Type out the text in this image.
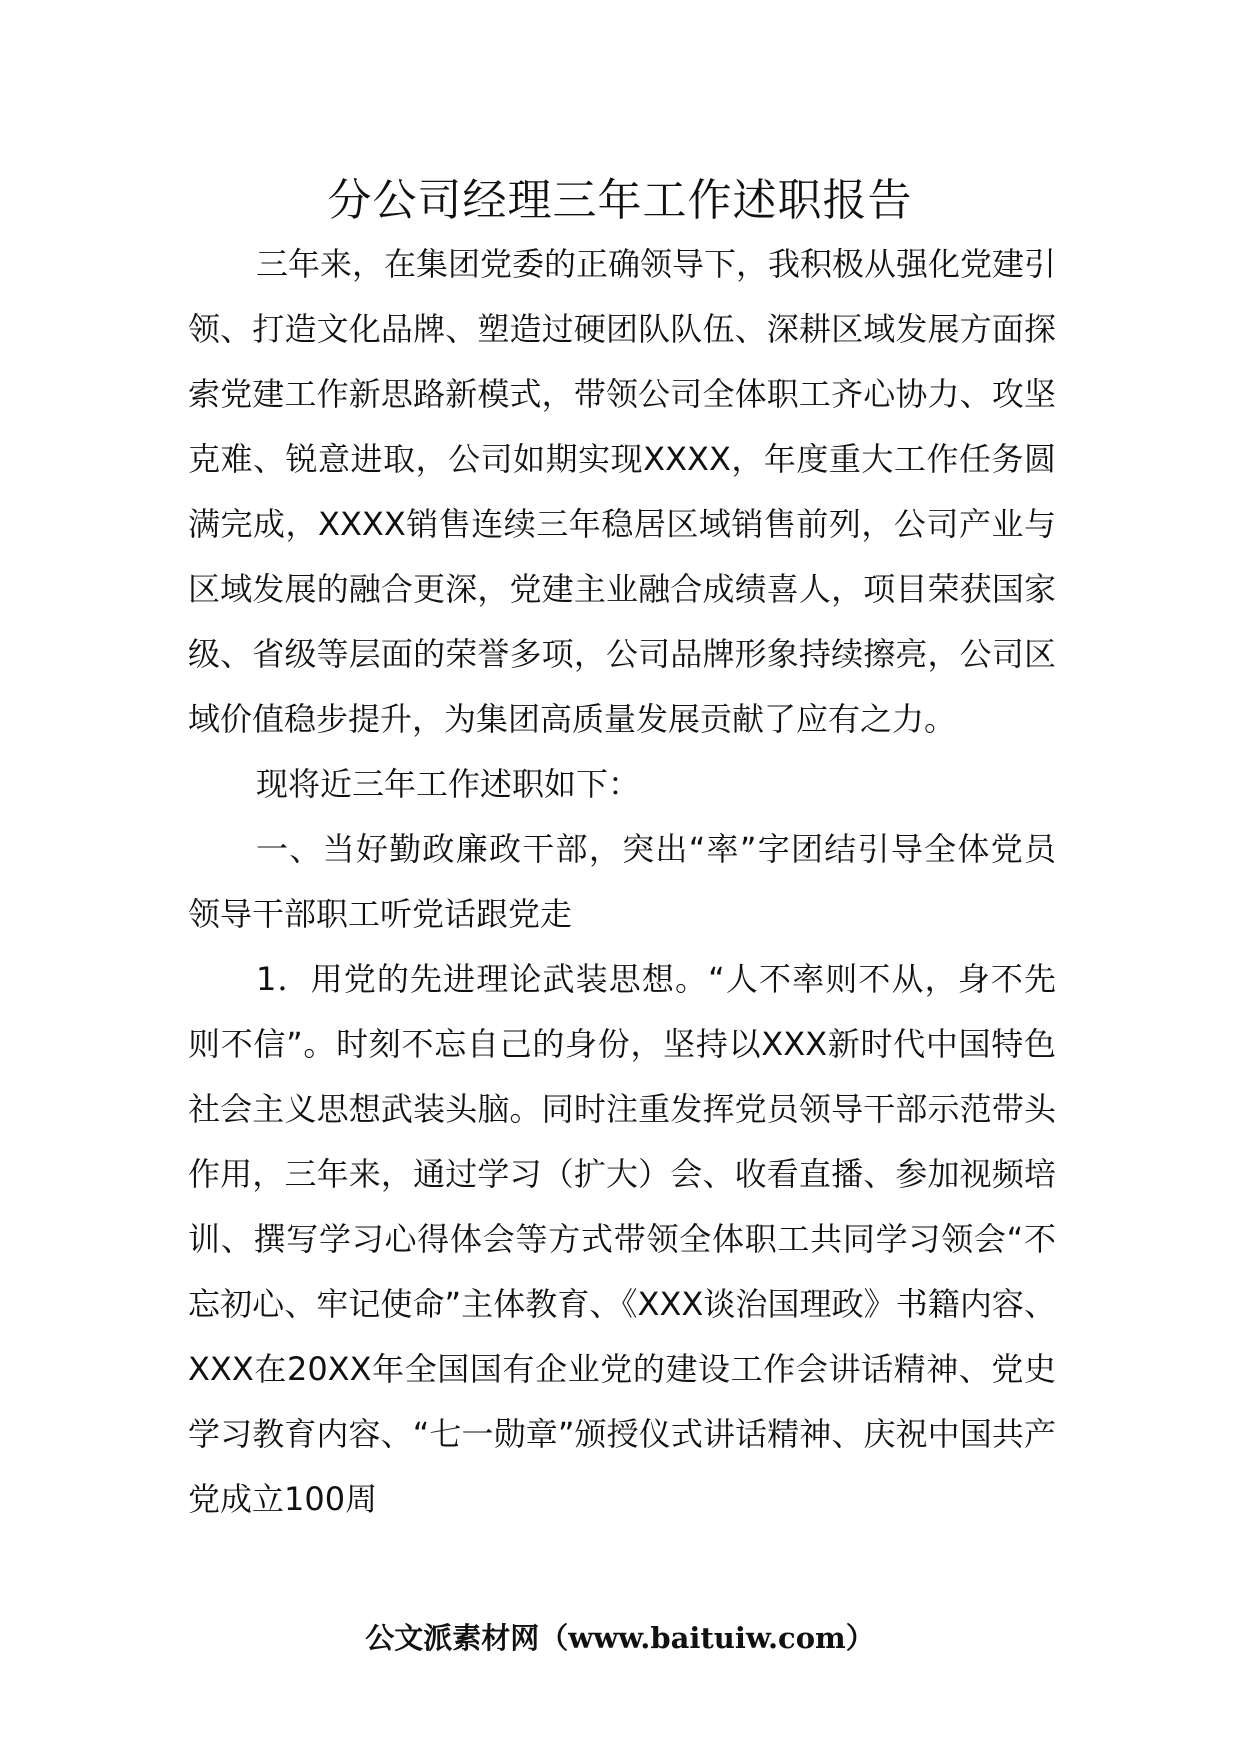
分公司经理三年工作述职报告

三年来，在集团党委的正确领导下，我积极从强化党建引领、打造文化品牌、塑造过硬团队队伍、深耕区域发展方面探索党建工作新思路新模式，带领公司全体职工齐心协力、攻坚克难、锐意进取，公司如期实现XXXX，年度重大工作任务圆满完成，XXXX销售连续三年稳居区域销售前列，公司产业与区域发展的融合更深，党建主业融合成绩喜人，项目荣获国家级、省级等层面的荣誉多项，公司品牌形象持续擦亮，公司区域价值稳步提升，为集团高质量发展贡献了应有之力。

现将近三年工作述职如下：

一、当好勤政廉政干部，突出“率”字团结引导全体党员领导干部职工听党话跟党走

1．用党的先进理论武装思想。“人不率则不从，身不先则不信”。时刻不忘自己的身份，坚持以XXX新时代中国特色社会主义思想武装头脑。同时注重发挥党员领导干部示范带头作用，三年来，通过学习（扩大）会、收看直播、参加视频培训、撰写学习心得体会等方式带领全体职工共同学习领会“不忘初心、牢记使命”主体教育、《XXX谈治国理政》书籍内容、XXX在20XX年全国国有企业党的建设工作会讲话精神、党史学习教育内容、“七一勋章”颁授仪式讲话精神、庆祝中国共产党成立100周

公文派素材网（www.baituiw.com）
